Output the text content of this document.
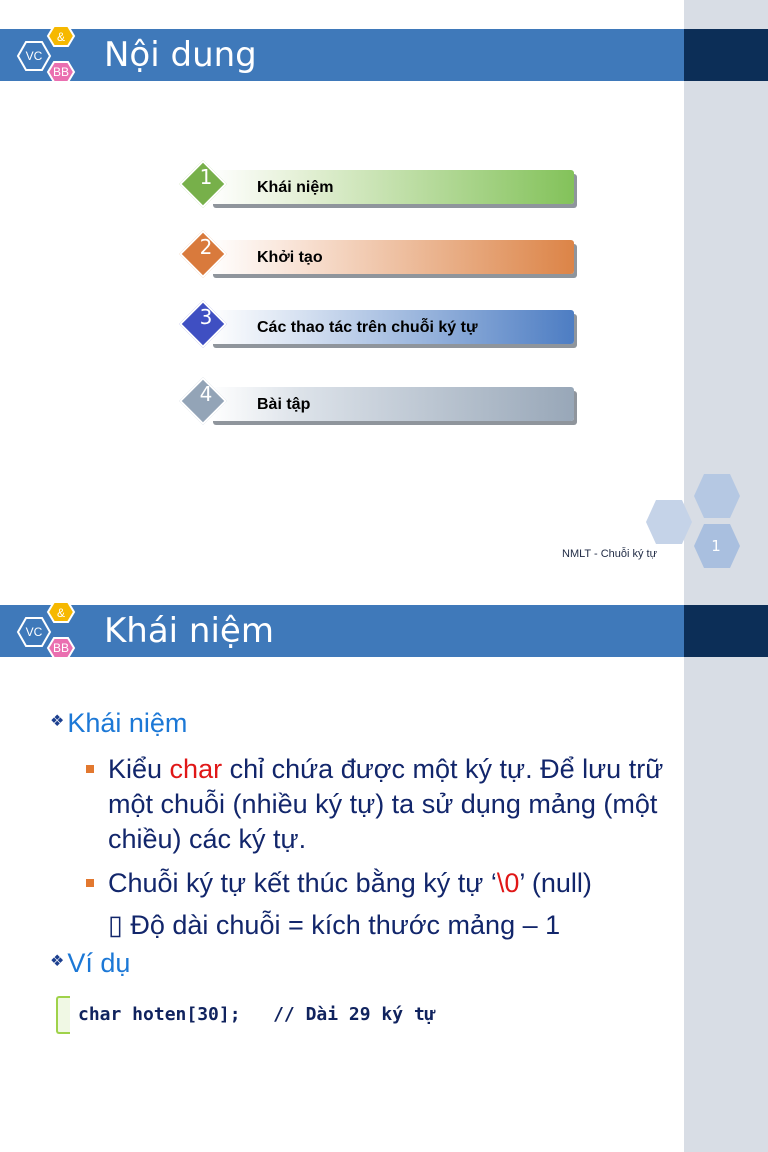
VC
&
BB Nội dung
1	Khái niệm
2	Khởi tạo
3	Các thao tác trên chuỗi ký tự
4	Bài tập
NMLT - Chuỗi ký tự	1
VC
&
BB Khái niệm
❖ Khái niệm
Kiểu char chỉ chứa được một ký tự. Để lưu trữ một chuỗi (nhiều ký tự) ta sử dụng mảng (một chiều) các ký tự.
Chuỗi ký tự kết thúc bằng ký tự ‘\0’ (null)
▯ Độ dài chuỗi = kích thước mảng – 1
❖ Ví dụ
char hoten[30];   // Dài 29 ký tự
